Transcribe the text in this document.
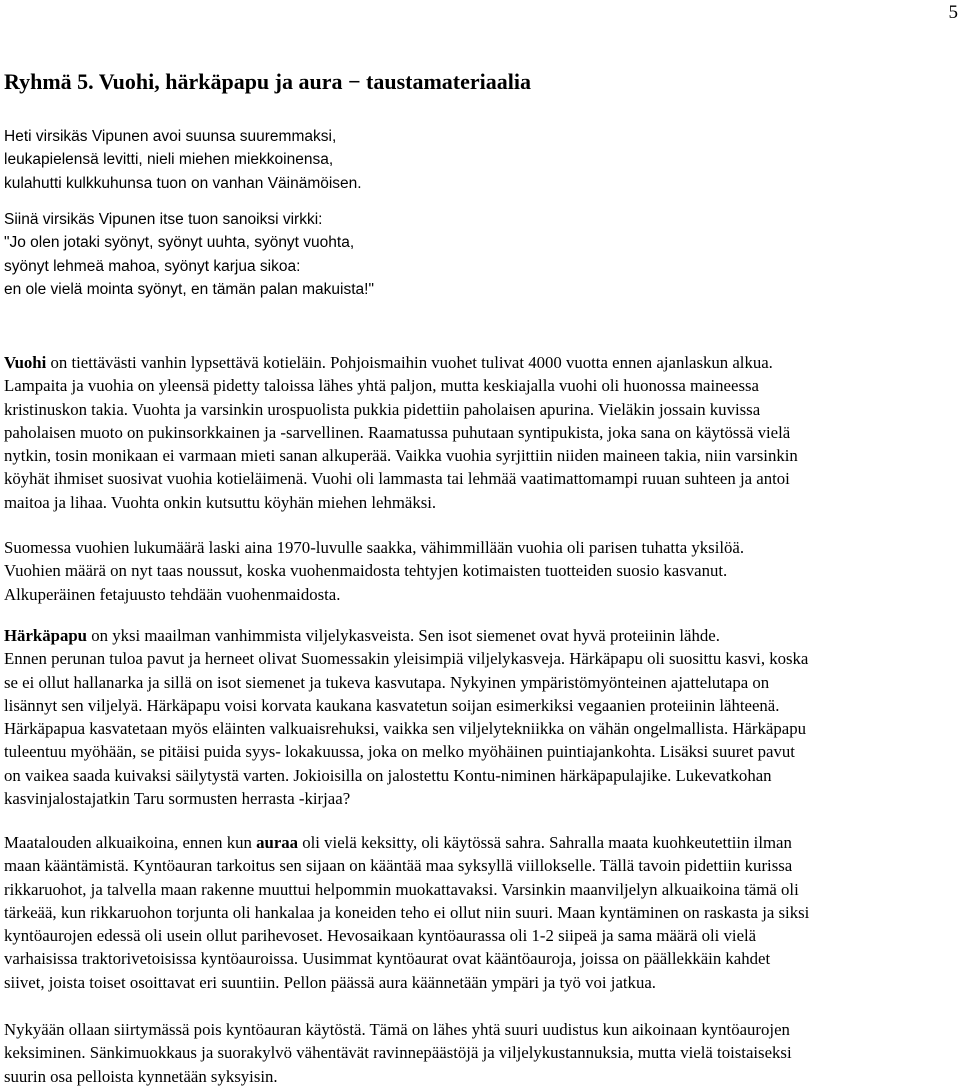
5
Ryhmä 5. Vuohi, härkäpapu ja aura − taustamateriaalia
Heti virsikäs Vipunen avoi suunsa suuremmaksi,
leukapielensä levitti, nieli miehen miekkoinensa,
kulahutti kulkkuhunsa tuon on vanhan Väinämöisen.
Siinä virsikäs Vipunen itse tuon sanoiksi virkki:
"Jo olen jotaki syönyt, syönyt uuhta, syönyt vuohta,
syönyt lehmeä mahoa, syönyt karjua sikoa:
en ole vielä mointa syönyt, en tämän palan makuista!"
Vuohi on tiettävästi vanhin lypsettävä kotieläin. Pohjoismaihin vuohet tulivat 4000 vuotta ennen ajanlaskun alkua.
Lampaita ja vuohia on yleensä pidetty taloissa lähes yhtä paljon, mutta keskiajalla vuohi oli huonossa maineessa
kristinuskon takia. Vuohta ja varsinkin urospuolista pukkia pidettiin paholaisen apurina. Vieläkin jossain kuvissa
paholaisen muoto on pukinsorkkainen ja -sarvellinen. Raamatussa puhutaan syntipukista, joka sana on käytössä vielä
nytkin, tosin monikaan ei varmaan mieti sanan alkuperää. Vaikka vuohia syrjittiin niiden maineen takia, niin varsinkin
köyhät ihmiset suosivat vuohia kotieläimenä. Vuohi oli lammasta tai lehmää vaatimattomampi ruuan suhteen ja antoi
maitoa ja lihaa. Vuohta onkin kutsuttu köyhän miehen lehmäksi.
Suomessa vuohien lukumäärä laski aina 1970-luvulle saakka, vähimmillään vuohia oli parisen tuhatta yksilöä.
Vuohien määrä on nyt taas noussut, koska vuohenmaidosta tehtyjen kotimaisten tuotteiden suosio kasvanut.
Alkuperäinen fetajuusto tehdään vuohenmaidosta.
Härkäpapu on yksi maailman vanhimmista viljelykasveista. Sen isot siemenet ovat hyvä proteiinin lähde.
Ennen perunan tuloa pavut ja herneet olivat Suomessakin yleisimpiä viljelykasveja. Härkäpapu oli suosittu kasvi, koska
se ei ollut hallanarka ja sillä on isot siemenet ja tukeva kasvutapa. Nykyinen ympäristömyönteinen ajattelutapa on
lisännyt sen viljelyä. Härkäpapu voisi korvata kaukana kasvatetun soijan esimerkiksi vegaanien proteiinin lähteenä.
Härkäpapua kasvatetaan myös eläinten valkuaisrehuksi, vaikka sen viljelytekniikka on vähän ongelmallista. Härkäpapu
tuleentuu myöhään, se pitäisi puida syys- lokakuussa, joka on melko myöhäinen puintiajankohta. Lisäksi suuret pavut
on vaikea saada kuivaksi säilytystä varten. Jokioisilla on jalostettu Kontu-niminen härkäpapulajike. Lukevatkohan
kasvinjalostajatkin Taru sormusten herrasta -kirjaa?
Maatalouden alkuaikoina, ennen kun auraa oli vielä keksitty, oli käytössä sahra. Sahralla maata kuohkeutettiin ilman
maan kääntämistä. Kyntöauran tarkoitus sen sijaan on kääntää maa syksyllä viillokselle. Tällä tavoin pidettiin kurissa
rikkaruohot, ja talvella maan rakenne muuttui helpommin muokattavaksi. Varsinkin maanviljelyn alkuaikoina tämä oli
tärkeää, kun rikkaruohon torjunta oli hankalaa ja koneiden teho ei ollut niin suuri. Maan kyntäminen on raskasta ja siksi
kyntöaurojen edessä oli usein ollut parihevoset. Hevosaikaan kyntöaurassa oli 1-2 siipeä ja sama määrä oli vielä
varhaisissa traktorivetoisissa kyntöauroissa. Uusimmat kyntöaurat ovat kääntöauroja, joissa on päällekkäin kahdet
siivet, joista toiset osoittavat eri suuntiin. Pellon päässä aura käännetään ympäri ja työ voi jatkua.
Nykyään ollaan siirtymässä pois kyntöauran käytöstä. Tämä on lähes yhtä suuri uudistus kun aikoinaan kyntöaurojen
keksiminen. Sänkimuokkaus ja suorakylvö vähentävät ravinnepäästöjä ja viljelykustannuksia, mutta vielä toistaiseksi
suurin osa pelloista kynnetään syksyisin.
